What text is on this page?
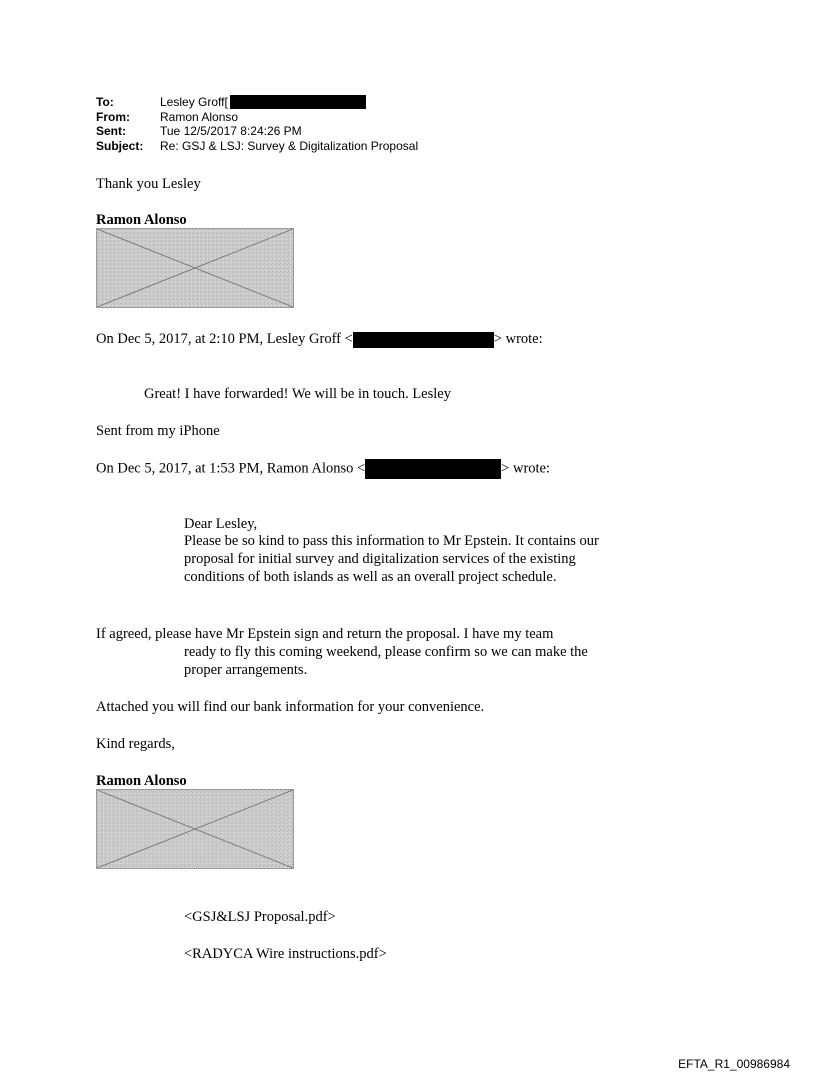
To:	Lesley Groff[
From:	Ramon Alonso
Sent:	Tue 12/5/2017 8:24:26 PM
Subject:	Re: GSJ & LSJ: Survey & Digitalization Proposal
Thank you Lesley
Ramon Alonso
On Dec 5, 2017, at 2:10 PM, Lesley Groff <	> wrote:
Great! I have forwarded! We will be in touch. Lesley
Sent from my iPhone
On Dec 5, 2017, at 1:53 PM, Ramon Alonso <	> wrote:
Dear Lesley,
Please be so kind to pass this information to Mr Epstein. It contains our proposal for initial survey and digitalization services of the existing conditions of both islands as well as an overall project schedule.
If agreed, please have Mr Epstein sign and return the proposal. I have my team
ready to fly this coming weekend, please confirm so we can make the proper arrangements.
Attached you will find our bank information for your convenience.
Kind regards,
Ramon Alonso
<GSJ&LSJ Proposal.pdf>
<RADYCA Wire instructions.pdf>
EFTA_R1_00986984
